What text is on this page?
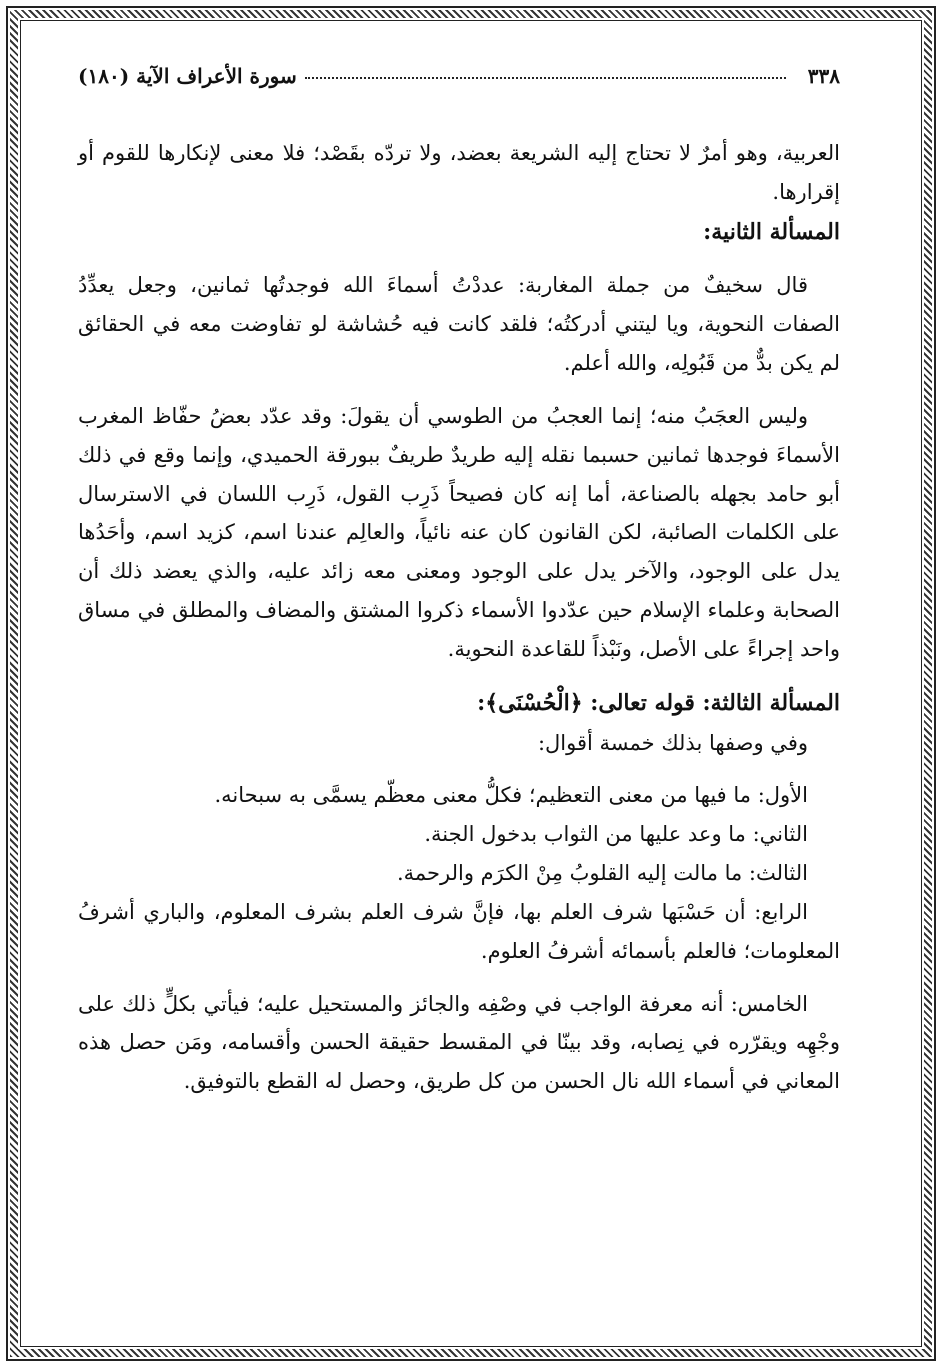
٣٣٨
سورة الأعراف الآية (١٨٠)

العربية، وهو أمرٌ لا تحتاج إليه الشريعة بعضد، ولا تردّه بقَصْد؛ فلا معنى لإنكارها للقوم أو إقرارها.

المسألة الثانية:

قال سخيفٌ من جملة المغاربة: عددْتُ أسماءَ الله فوجدتُها ثمانين، وجعل يعدِّدُ الصفات النحوية، ويا ليتني أدركتُه؛ فلقد كانت فيه حُشاشة لو تفاوضت معه في الحقائق لم يكن بدٌّ من قَبُولِه، والله أعلم.

وليس العجَبُ منه؛ إنما العجبُ من الطوسي أن يقولَ: وقد عدّد بعضُ حفّاظ المغرب الأسماءَ فوجدها ثمانين حسبما نقله إليه طريدٌ طريفٌ ببورقة الحميدي، وإنما وقع في ذلك أبو حامد بجهله بالصناعة، أما إنه كان فصيحاً ذَرِب القول، ذَرِب اللسان في الاسترسال على الكلمات الصائبة، لكن القانون كان عنه نائياً، والعالِم عندنا اسم، كزيد اسم، وأحَدُها يدل على الوجود، والآخر يدل على الوجود ومعنى معه زائد عليه، والذي يعضد ذلك أن الصحابة وعلماء الإسلام حين عدّدوا الأسماء ذكروا المشتق والمضاف والمطلق في مساق واحد إجراءً على الأصل، ونَبْذاً للقاعدة النحوية.

المسألة الثالثة: قوله تعالى: ﴿الْحُسْنَى﴾:

وفي وصفها بذلك خمسة أقوال:

الأول: ما فيها من معنى التعظيم؛ فكلُّ معنى معظّم يسمَّى به سبحانه.

الثاني: ما وعد عليها من الثواب بدخول الجنة.

الثالث: ما مالت إليه القلوبُ مِنْ الكرَم والرحمة.

الرابع: أن حَسْبَها شرف العلم بها، فإنَّ شرف العلم بشرف المعلوم، والباري أشرفُ المعلومات؛ فالعلم بأسمائه أشرفُ العلوم.

الخامس: أنه معرفة الواجب في وصْفِه والجائز والمستحيل عليه؛ فيأتي بكلٍّ ذلك على وجْهِه ويقرّره في نِصابه، وقد بينّا في المقسط حقيقة الحسن وأقسامه، ومَن حصل هذه المعاني في أسماء الله نال الحسن من كل طريق، وحصل له القطع بالتوفيق.
